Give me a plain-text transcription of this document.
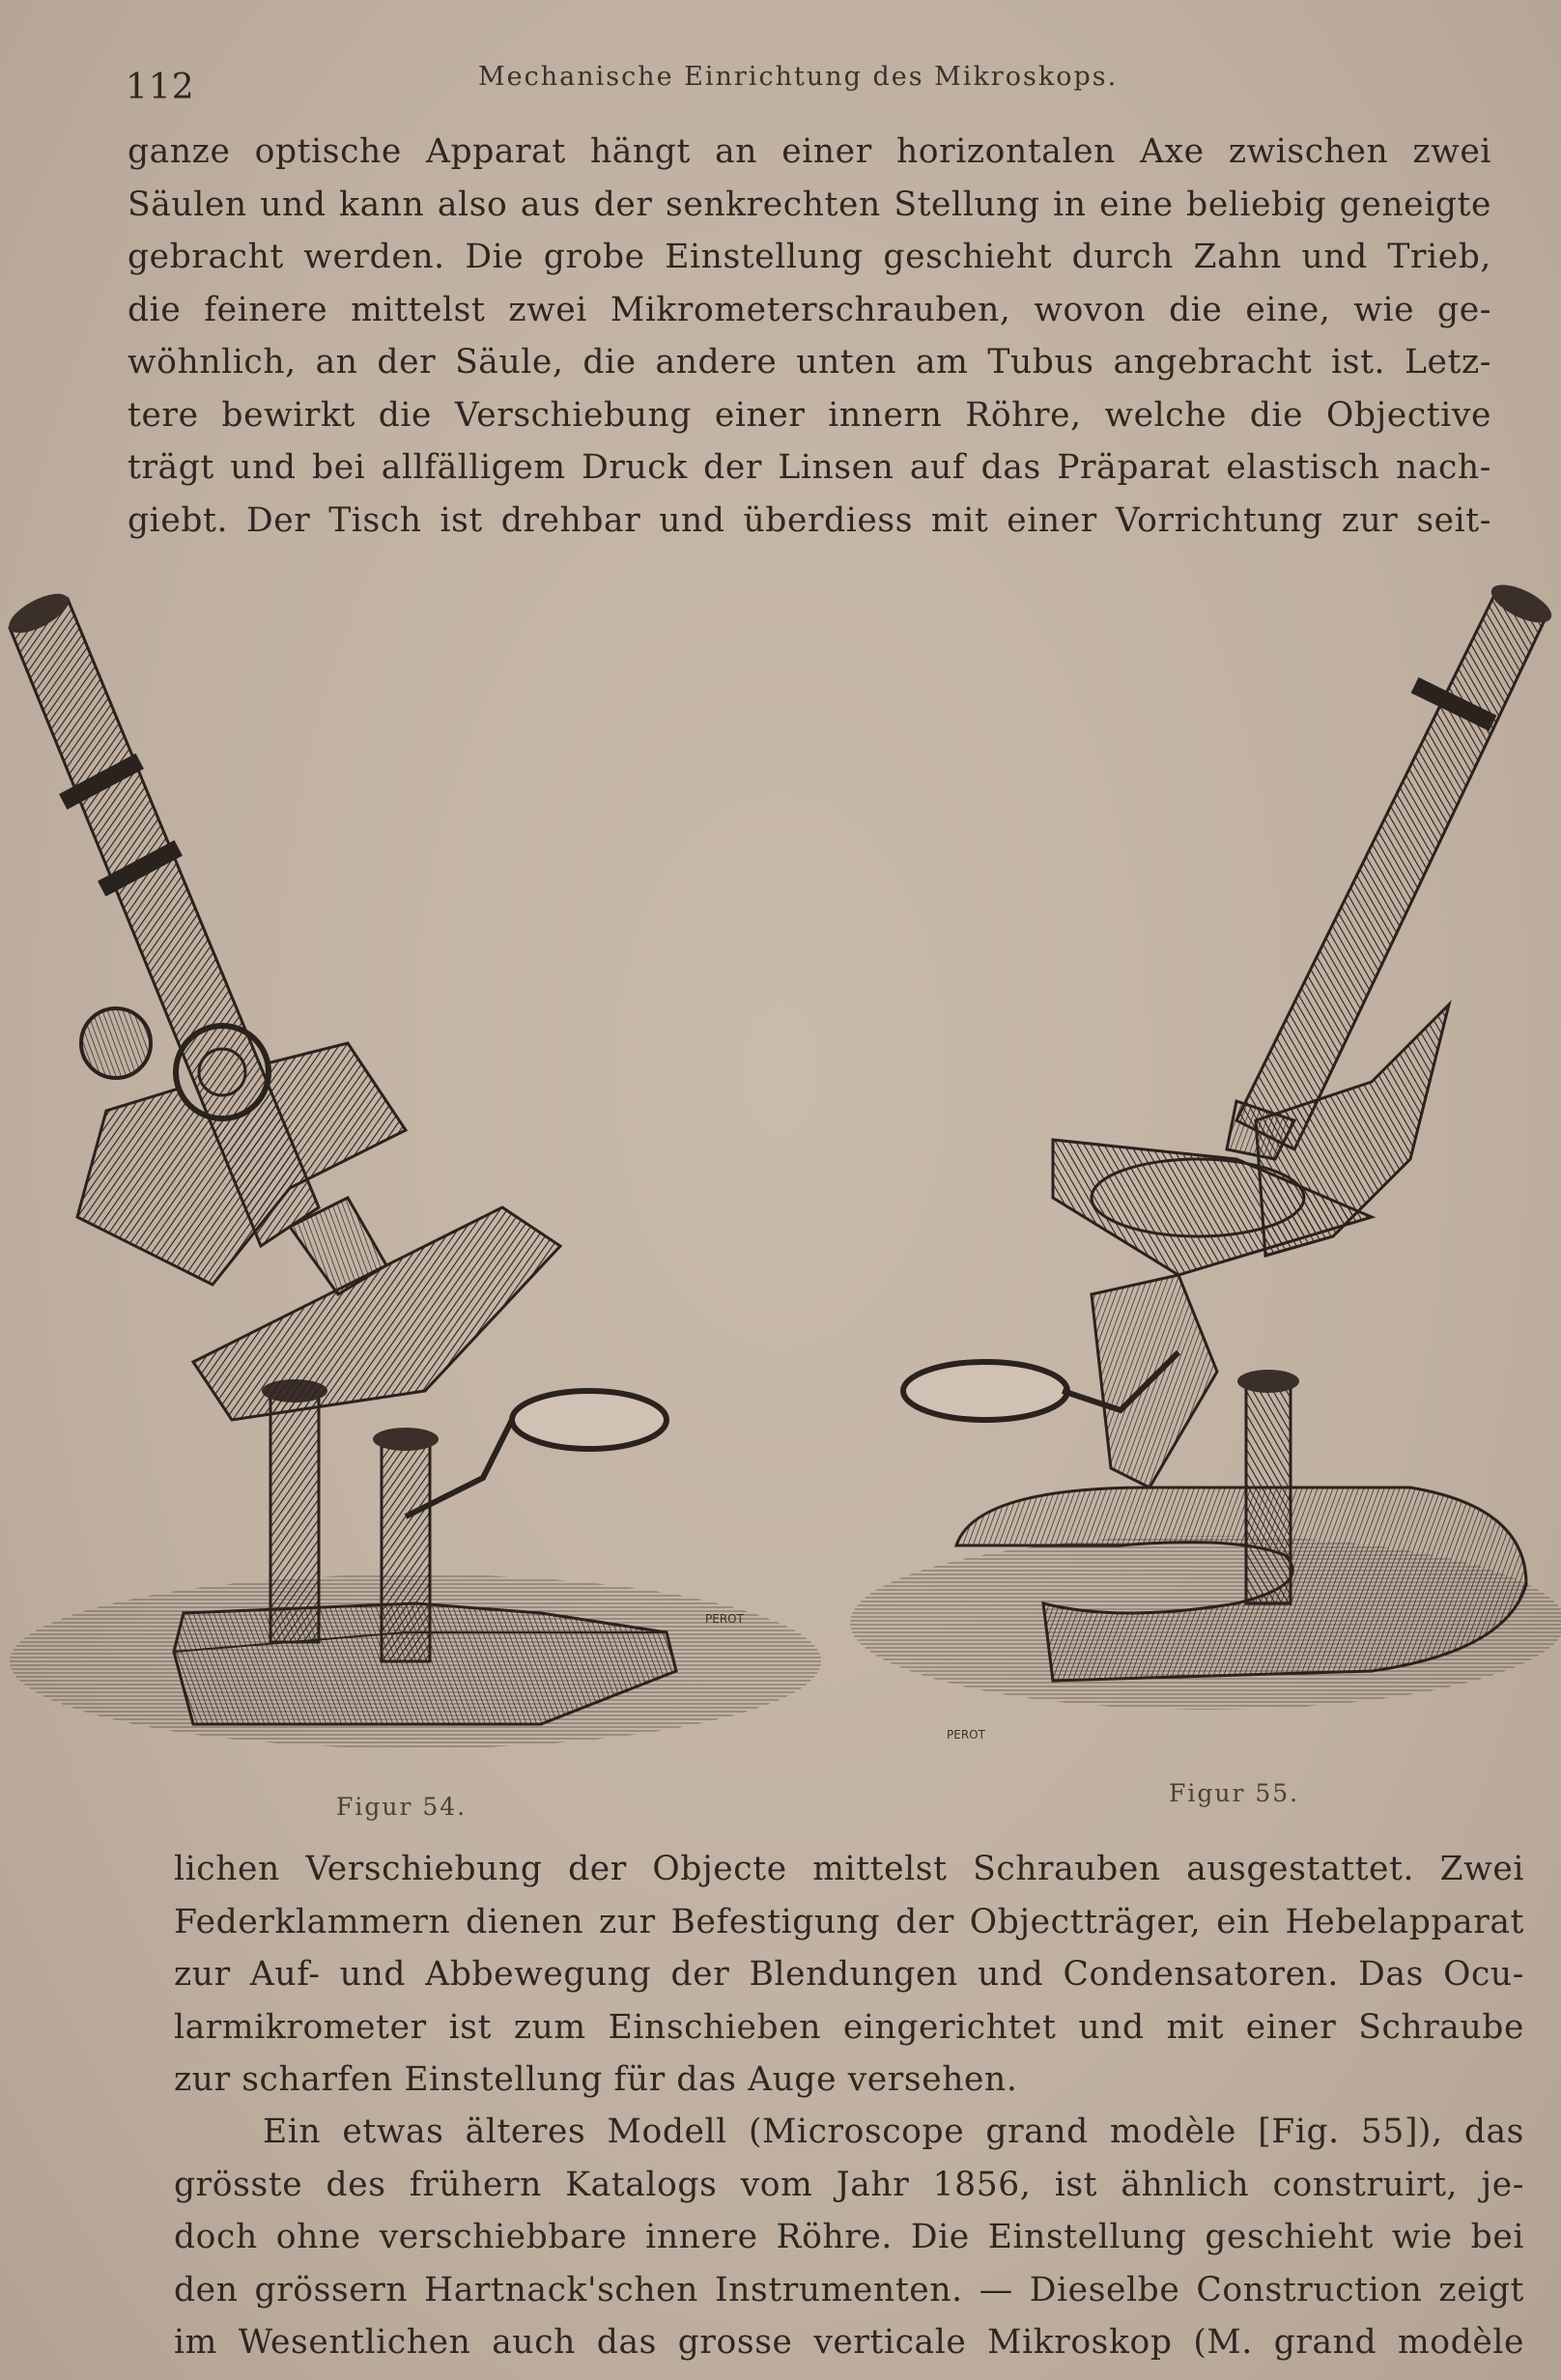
112	Mechanische Einrichtung des Mikroskops.

ganze optische Apparat hängt an einer horizontalen Axe zwischen zwei
Säulen und kann also aus der senkrechten Stellung in eine beliebig geneigte
gebracht werden. Die grobe Einstellung geschieht durch Zahn und Trieb,
die feinere mittelst zwei Mikrometerschrauben, wovon die eine, wie ge-
wöhnlich, an der Säule, die andere unten am Tubus angebracht ist. Letz-
tere bewirkt die Verschiebung einer innern Röhre, welche die Objective
trägt und bei allfälligem Druck der Linsen auf das Präparat elastisch nach-
giebt. Der Tisch ist drehbar und überdiess mit einer Vorrichtung zur seit-

PEROT
PEROT
Figur 54.	Figur 55.

lichen Verschiebung der Objecte mittelst Schrauben ausgestattet. Zwei
Federklammern dienen zur Befestigung der Objectträger, ein Hebelapparat
zur Auf- und Abbewegung der Blendungen und Condensatoren. Das Ocu-
larmikrometer ist zum Einschieben eingerichtet und mit einer Schraube
zur scharfen Einstellung für das Auge versehen.

Ein etwas älteres Modell (Microscope grand modèle [Fig. 55]), das
grösste des frühern Katalogs vom Jahr 1856, ist ähnlich construirt, je-
doch ohne verschiebbare innere Röhre. Die Einstellung geschieht wie bei
den grössern Hartnack'schen Instrumenten. — Dieselbe Construction zeigt
im Wesentlichen auch das grosse verticale Mikroskop (M. grand modèle
